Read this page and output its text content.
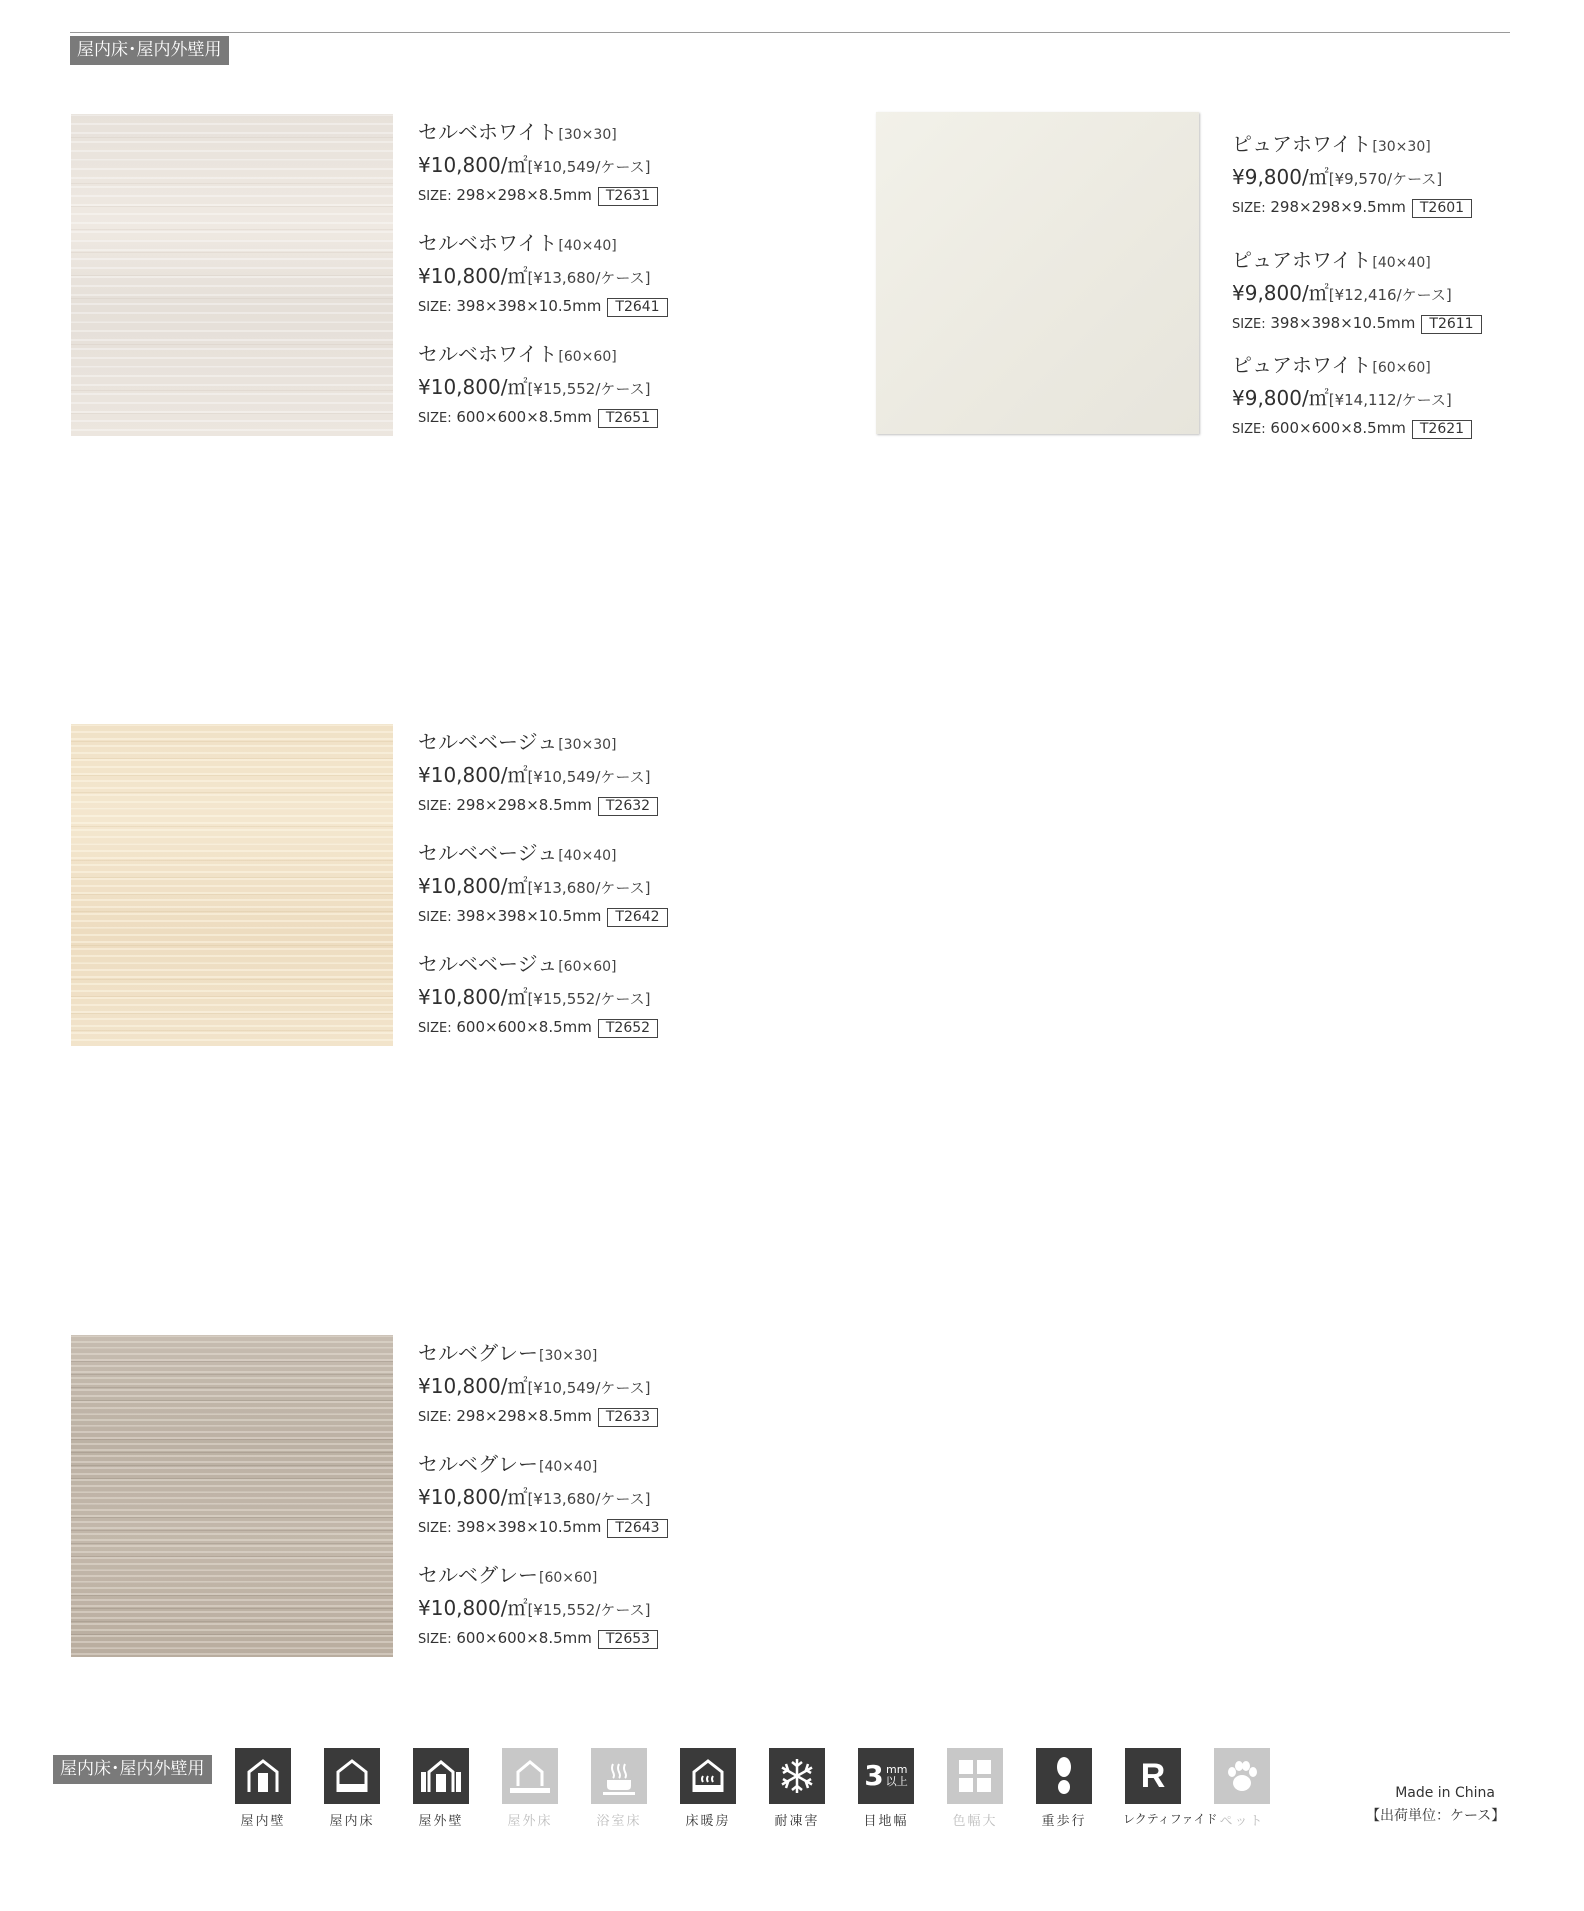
屋内床･屋内外壁用
セルベホワイト[30×30]
¥10,800/㎡[¥10,549/ケース]
SIZE: 298×298×8.5mm T2631
セルベホワイト[40×40]
¥10,800/㎡[¥13,680/ケース]
SIZE: 398×398×10.5mm T2641
セルベホワイト[60×60]
¥10,800/㎡[¥15,552/ケース]
SIZE: 600×600×8.5mm T2651
ピュアホワイト[30×30]
¥9,800/㎡[¥9,570/ケース]
SIZE: 298×298×9.5mm T2601
ピュアホワイト[40×40]
¥9,800/㎡[¥12,416/ケース]
SIZE: 398×398×10.5mm T2611
ピュアホワイト[60×60]
¥9,800/㎡[¥14,112/ケース]
SIZE: 600×600×8.5mm T2621
セルベベージュ[30×30]
¥10,800/㎡[¥10,549/ケース]
SIZE: 298×298×8.5mm T2632
セルベベージュ[40×40]
¥10,800/㎡[¥13,680/ケース]
SIZE: 398×398×10.5mm T2642
セルベベージュ[60×60]
¥10,800/㎡[¥15,552/ケース]
SIZE: 600×600×8.5mm T2652
セルベグレー[30×30]
¥10,800/㎡[¥10,549/ケース]
SIZE: 298×298×8.5mm T2633
セルベグレー[40×40]
¥10,800/㎡[¥13,680/ケース]
SIZE: 398×398×10.5mm T2643
セルベグレー[60×60]
¥10,800/㎡[¥15,552/ケース]
SIZE: 600×600×8.5mm T2653
屋内床･屋内外壁用
屋内壁	屋内床	屋外壁	屋外床	浴室床	床暖房	耐凍害
3 mm
以上
目地幅	色幅大	重歩行
R
レクティファイド ペット
Made in China
【出荷単位：ケース】
